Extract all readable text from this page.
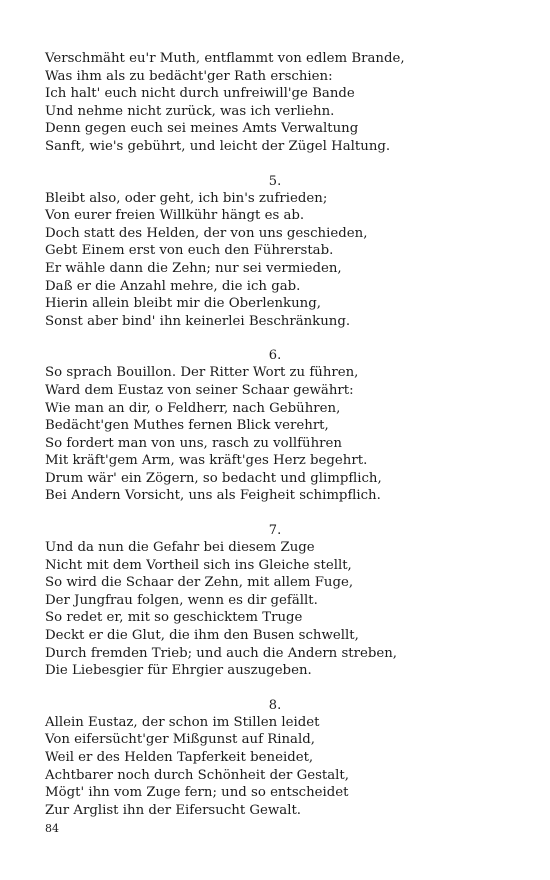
Verschmäht eu'r Muth, entflammt von edlem Brande,
Was ihm als zu bedächt'ger Rath erschien:
Ich halt' euch nicht durch unfreiwill'ge Bande
Und nehme nicht zurück, was ich verliehn.
Denn gegen euch sei meines Amts Verwaltung
Sanft, wie's gebührt, und leicht der Zügel Haltung.
5.
Bleibt also, oder geht, ich bin's zufrieden;
Von eurer freien Willkühr hängt es ab.
Doch statt des Helden, der von uns geschieden,
Gebt Einem erst von euch den Führerstab.
Er wähle dann die Zehn; nur sei vermieden,
Daß er die Anzahl mehre, die ich gab.
Hierin allein bleibt mir die Oberlenkung,
Sonst aber bind' ihn keinerlei Beschränkung.
6.
So sprach Bouillon. Der Ritter Wort zu führen,
Ward dem Eustaz von seiner Schaar gewährt:
Wie man an dir, o Feldherr, nach Gebühren,
Bedächt'gen Muthes fernen Blick verehrt,
So fordert man von uns, rasch zu vollführen
Mit kräft'gem Arm, was kräft'ges Herz begehrt.
Drum wär' ein Zögern, so bedacht und glimpflich,
Bei Andern Vorsicht, uns als Feigheit schimpflich.
7.
Und da nun die Gefahr bei diesem Zuge
Nicht mit dem Vortheil sich ins Gleiche stellt,
So wird die Schaar der Zehn, mit allem Fuge,
Der Jungfrau folgen, wenn es dir gefällt.
So redet er, mit so geschicktem Truge
Deckt er die Glut, die ihm den Busen schwellt,
Durch fremden Trieb; und auch die Andern streben,
Die Liebesgier für Ehrgier auszugeben.
8.
Allein Eustaz, der schon im Stillen leidet
Von eifersücht'ger Mißgunst auf Rinald,
Weil er des Helden Tapferkeit beneidet,
Achtbarer noch durch Schönheit der Gestalt,
Mögt' ihn vom Zuge fern; und so entscheidet
Zur Arglist ihn der Eifersucht Gewalt.
84
